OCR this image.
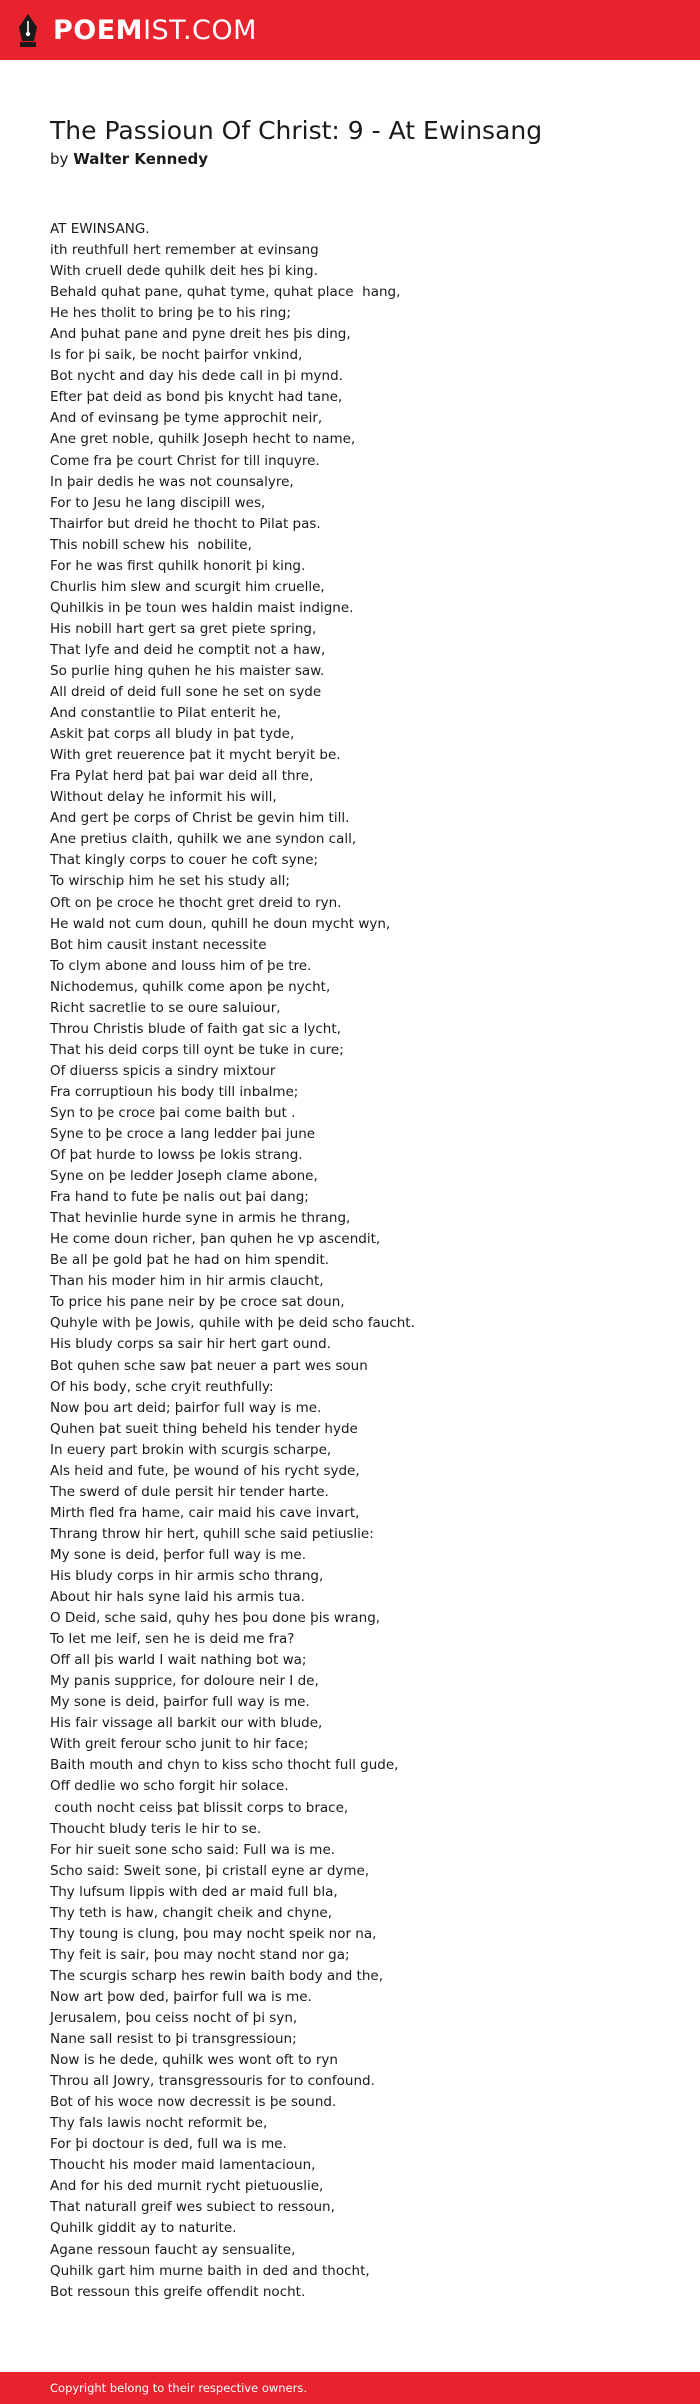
POEMIST.COM
The Passioun Of Christ: 9 - At Ewinsang
by Walter Kennedy
AT EWINSANG.
ith reuthfull hert remember at evinsang
With cruell dede quhilk deit hes þi king.
Behald quhat pane, quhat tyme, quhat place  hang,
He hes tholit to bring þe to his ring;
And þuhat pane and pyne dreit hes þis ding,
Is for þi saik, be nocht þairfor vnkind,
Bot nycht and day his dede call in þi mynd.
Efter þat deid as bond þis knycht had tane,
And of evinsang þe tyme approchit neir,
Ane gret noble, quhilk Joseph hecht to name,
Come fra þe court Christ for till inquyre.
In þair dedis he was not counsalyre,
For to Jesu he lang discipill wes,
Thairfor but dreid he thocht to Pilat pas.
This nobill schew his  nobilite,
For he was first quhilk honorit þi king.
Churlis him slew and scurgit him cruelle,
Quhilkis in þe toun wes haldin maist indigne.
His nobill hart gert sa gret piete spring,
That lyfe and deid he comptit not a haw,
So purlie hing quhen he his maister saw.
All dreid of deid full sone he set on syde
And constantlie to Pilat enterit he,
Askit þat corps all bludy in þat tyde,
With gret reuerence þat it mycht beryit be.
Fra Pylat herd þat þai war deid all thre,
Without delay he informit his will,
And gert þe corps of Christ be gevin him till.
Ane pretius claith, quhilk we ane syndon call,
That kingly corps to couer he coft syne;
To wirschip him he set his study all;
Oft on þe croce he thocht gret dreid to ryn.
He wald not cum doun, quhill he doun mycht wyn,
Bot him causit instant necessite
To clym abone and louss him of þe tre.
Nichodemus, quhilk come apon þe nycht,
Richt sacretlie to se oure saluiour,
Throu Christis blude of faith gat sic a lycht,
That his deid corps till oynt be tuke in cure;
Of diuerss spicis a sindry mixtour
Fra corruptioun his body till inbalme;
Syn to þe croce þai come baith but .
Syne to þe croce a lang ledder þai june
Of þat hurde to lowss þe lokis strang.
Syne on þe ledder Joseph clame abone,
Fra hand to fute þe nalis out þai dang;
That hevinlie hurde syne in armis he thrang,
He come doun richer, þan quhen he vp ascendit,
Be all þe gold þat he had on him spendit.
Than his moder him in hir armis claucht,
To price his pane neir by þe croce sat doun,
Quhyle with þe Jowis, quhile with þe deid scho faucht.
His bludy corps sa sair hir hert gart ound.
Bot quhen sche saw þat neuer a part wes soun
Of his body, sche cryit reuthfully:
Now þou art deid; þairfor full way is me.
Quhen þat sueit thing beheld his tender hyde
In euery part brokin with scurgis scharpe,
Als heid and fute, þe wound of his rycht syde,
The swerd of dule persit hir tender harte.
Mirth fled fra hame, cair maid his cave invart,
Thrang throw hir hert, quhill sche said petiuslie:
My sone is deid, þerfor full way is me.
His bludy corps in hir armis scho thrang,
About hir hals syne laid his armis tua.
O Deid, sche said, quhy hes þou done þis wrang,
To let me leif, sen he is deid me fra?
Off all þis warld I wait nathing bot wa;
My panis supprice, for doloure neir I de,
My sone is deid, þairfor full way is me.
His fair vissage all barkit our with blude,
With greit ferour scho junit to hir face;
Baith mouth and chyn to kiss scho thocht full gude,
Off dedlie wo scho forgit hir solace.
couth nocht ceiss þat blissit corps to brace,
Thoucht bludy teris le hir to se.
For hir sueit sone scho said: Full wa is me.
Scho said: Sweit sone, þi cristall eyne ar dyme,
Thy lufsum lippis with ded ar maid full bla,
Thy teth is haw, changit cheik and chyne,
Thy toung is clung, þou may nocht speik nor na,
Thy feit is sair, þou may nocht stand nor ga;
The scurgis scharp hes rewin baith body and the,
Now art þow ded, þairfor full wa is me.
Jerusalem, þou ceiss nocht of þi syn,
Nane sall resist to þi transgressioun;
Now is he dede, quhilk wes wont oft to ryn
Throu all Jowry, transgressouris for to confound.
Bot of his woce now decressit is þe sound.
Thy fals lawis nocht reformit be,
For þi doctour is ded, full wa is me.
Thoucht his moder maid lamentacioun,
And for his ded murnit rycht pietuouslie,
That naturall greif wes subiect to ressoun,
Quhilk giddit ay to naturite.
Agane ressoun faucht ay sensualite,
Quhilk gart him murne baith in ded and thocht,
Bot ressoun this greife offendit nocht.
Copyright belong to their respective owners.
